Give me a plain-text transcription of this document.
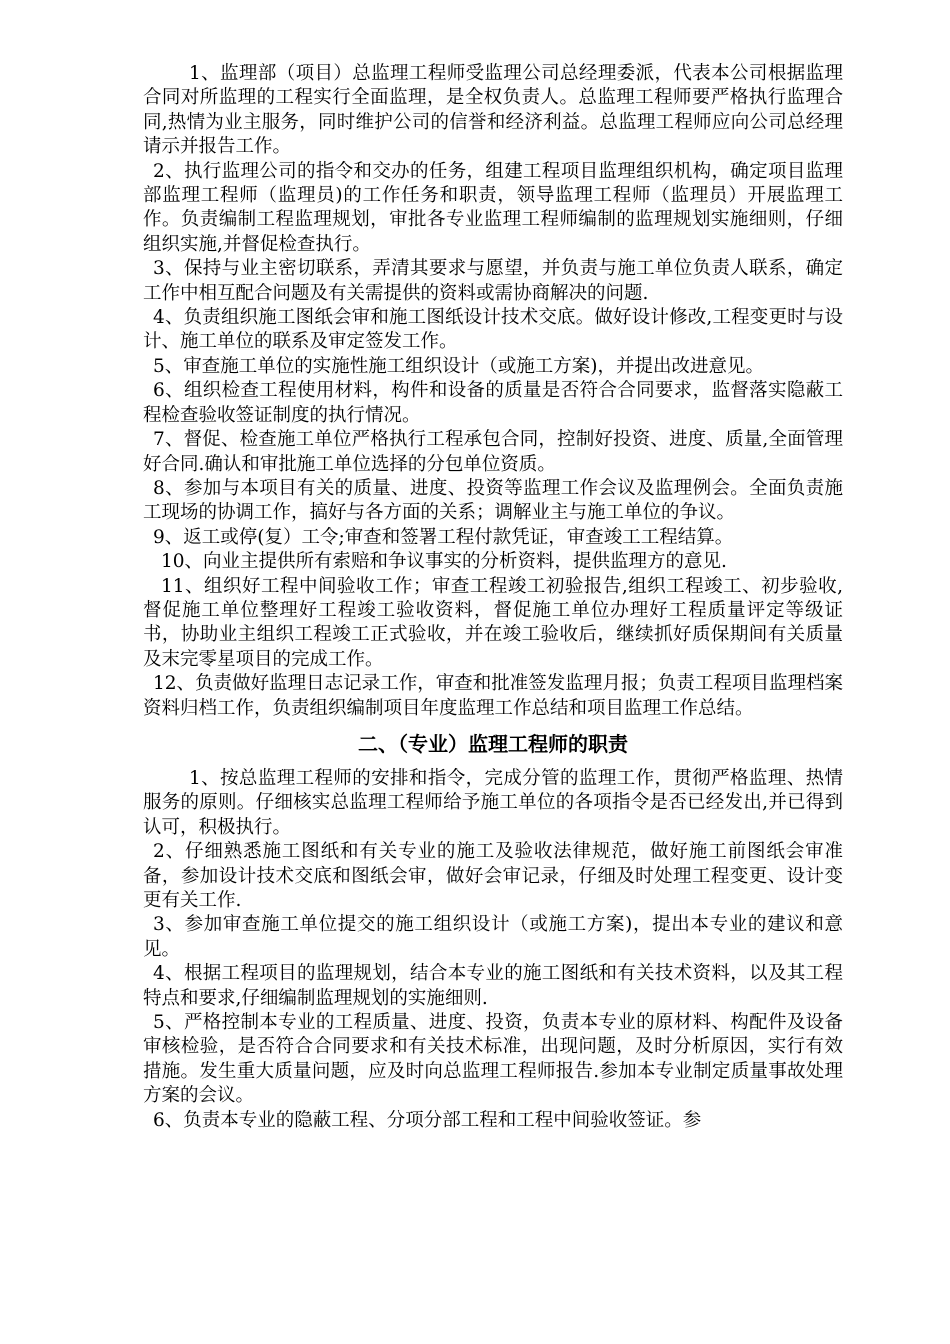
1、监理部（项目）总监理工程师受监理公司总经理委派，代表本公司根据监理合同对所监理的工程实行全面监理，是全权负责人。总监理工程师要严格执行监理合同,热情为业主服务，同时维护公司的信誉和经济利益。总监理工程师应向公司总经理请示并报告工作。

2、执行监理公司的指令和交办的任务，组建工程项目监理组织机构，确定项目监理部监理工程师（监理员)的工作任务和职责，领导监理工程师（监理员）开展监理工作。负责编制工程监理规划，审批各专业监理工程师编制的监理规划实施细则，仔细组织实施,并督促检查执行。

3、保持与业主密切联系，弄清其要求与愿望，并负责与施工单位负责人联系，确定工作中相互配合问题及有关需提供的资料或需协商解决的问题.

4、负责组织施工图纸会审和施工图纸设计技术交底。做好设计修改,工程变更时与设计、施工单位的联系及审定签发工作。

5、审查施工单位的实施性施工组织设计（或施工方案)，并提出改进意见。

6、组织检查工程使用材料，构件和设备的质量是否符合合同要求，监督落实隐蔽工程检查验收签证制度的执行情况。

7、督促、检查施工单位严格执行工程承包合同，控制好投资、进度、质量,全面管理好合同.确认和审批施工单位选择的分包单位资质。

8、参加与本项目有关的质量、进度、投资等监理工作会议及监理例会。全面负责施工现场的协调工作，搞好与各方面的关系；调解业主与施工单位的争议。

9、返工或停(复）工令;审查和签署工程付款凭证，审查竣工工程结算。

10、向业主提供所有索赔和争议事实的分析资料，提供监理方的意见.

11、组织好工程中间验收工作；审查工程竣工初验报告,组织工程竣工、初步验收,督促施工单位整理好工程竣工验收资料，督促施工单位办理好工程质量评定等级证书，协助业主组织工程竣工正式验收，并在竣工验收后，继续抓好质保期间有关质量及末完零星项目的完成工作。

12、负责做好监理日志记录工作，审查和批准签发监理月报；负责工程项目监理档案资料归档工作，负责组织编制项目年度监理工作总结和项目监理工作总结。

二、（专业）监理工程师的职责

1、按总监理工程师的安排和指令，完成分管的监理工作，贯彻严格监理、热情服务的原则。仔细核实总监理工程师给予施工单位的各项指令是否已经发出,并已得到认可，积极执行。

2、仔细熟悉施工图纸和有关专业的施工及验收法律规范，做好施工前图纸会审准备，参加设计技术交底和图纸会审，做好会审记录，仔细及时处理工程变更、设计变更有关工作.

3、参加审查施工单位提交的施工组织设计（或施工方案)，提出本专业的建议和意见。

4、根据工程项目的监理规划，结合本专业的施工图纸和有关技术资料，以及其工程特点和要求,仔细编制监理规划的实施细则.

5、严格控制本专业的工程质量、进度、投资，负责本专业的原材料、构配件及设备审核检验，是否符合合同要求和有关技术标准，出现问题，及时分析原因，实行有效措施。发生重大质量问题，应及时向总监理工程师报告.参加本专业制定质量事故处理方案的会议。

6、负责本专业的隐蔽工程、分项分部工程和工程中间验收签证。参
